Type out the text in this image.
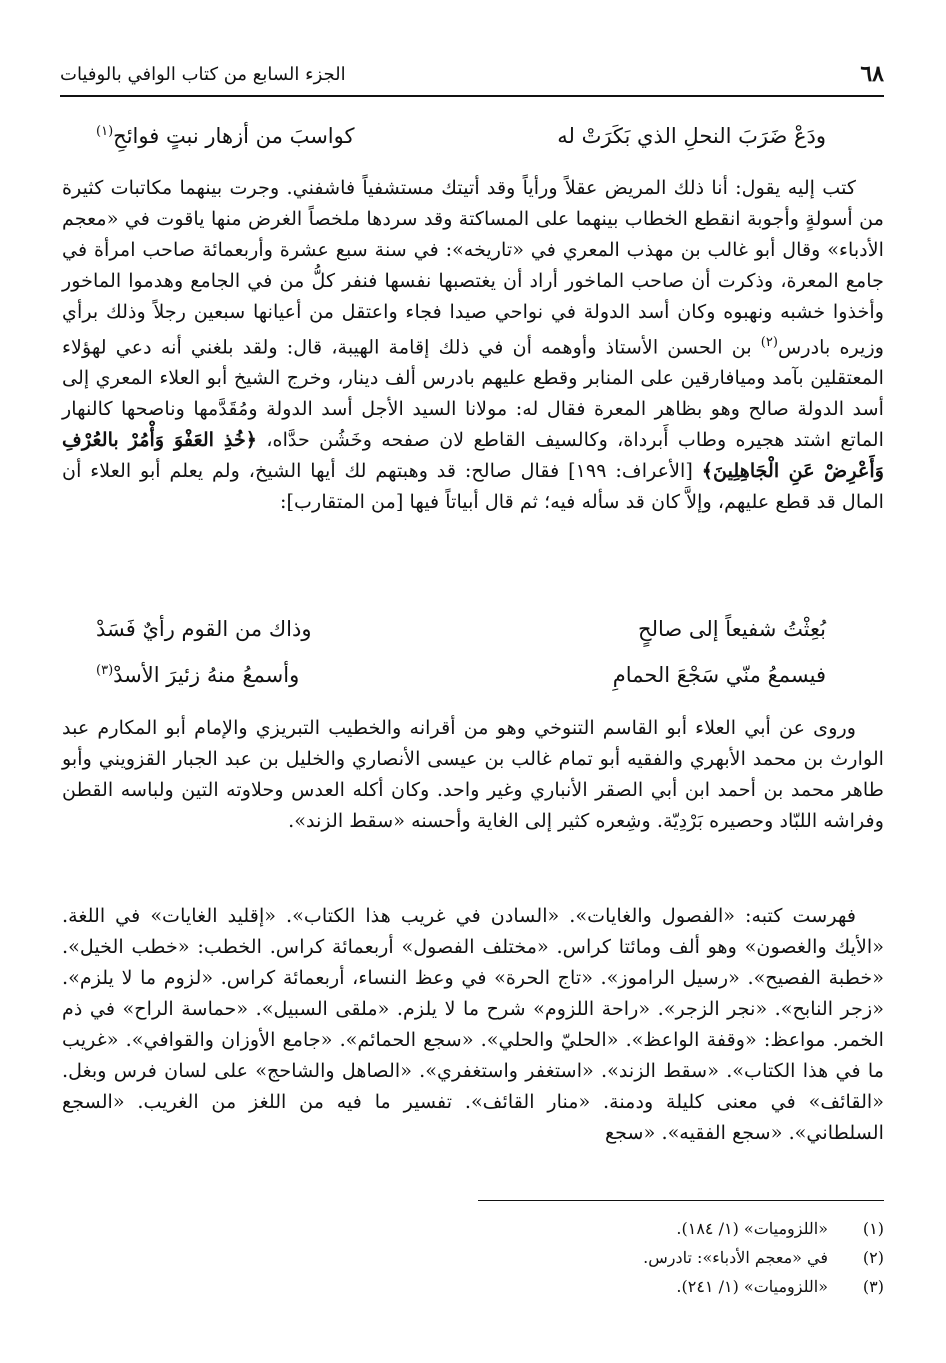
٦٨
الجزء السابع من كتاب الوافي بالوفيات
ودَعْ ضَرَبَ النحلِ الذي بَكَرَتْ له
كواسبَ من أزهار نبتٍ فوائحِ$^{(١)}$

كتب إليه يقول: أنا ذلك المريض عقلاً ورأياً وقد أتيتك مستشفياً فاشفني. وجرت بينهما مكاتبات كثيرة من أسولةٍ وأجوبة انقطع الخطاب بينهما على المساكتة وقد سردها ملخصاً الغرض منها ياقوت في «معجم الأدباء» وقال أبو غالب بن مهذب المعري في «تاريخه»: في سنة سبع عشرة وأربعمائة صاحب امرأة في جامع المعرة، وذكرت أن صاحب الماخور أراد أن يغتصبها نفسها فنفر كلُّ من في الجامع وهدموا الماخور وأخذوا خشبه ونهبوه وكان أسد الدولة في نواحي صيدا فجاء واعتقل من أعيانها سبعين رجلاً وذلك برأي وزيره بادرس$^{(٢)}$ بن الحسن الأستاذ وأوهمه أن في ذلك إقامة الهيبة، قال: ولقد بلغني أنه دعي لهؤلاء المعتقلين بآمد وميافارقين على المنابر وقطع عليهم بادرس ألف دينار، وخرج الشيخ أبو العلاء المعري إلى أسد الدولة صالح وهو بظاهر المعرة فقال له: مولانا السيد الأجل أسد الدولة ومُقَدَّمها وناصحها كالنهار الماتع اشتد هجيره وطاب أَبرداة، وكالسيف القاطع لان صفحه وخَشُن حدَّاه، ﴿خُذِ العَفْوَ وَأْمُرْ بالعُرْفِ وَأَعْرِضْ عَنِ الْجَاهِلِينَ﴾ [الأعراف: ١٩٩] فقال صالح: قد وهبتهم لك أيها الشيخ، ولم يعلم أبو العلاء أن المال قد قطع عليهم، وإلاَّ كان قد سأله فيه؛ ثم قال أبياتاً فيها [من المتقارب]:

بُعِثْتُ شفيعاً إلى صالحٍ
وذاك من القوم رأيٌ فَسَدْ
فيسمعُ منّي سَجْعَ الحمامِ
وأسمعُ منهُ زئيرَ الأسدْ$^{(٣)}$

وروى عن أبي العلاء أبو القاسم التنوخي وهو من أقرانه والخطيب التبريزي والإمام أبو المكارم عبد الوارث بن محمد الأبهري والفقيه أبو تمام غالب بن عيسى الأنصاري والخليل بن عبد الجبار القزويني وأبو طاهر محمد بن أحمد ابن أبي الصقر الأنباري وغير واحد. وكان أكله العدس وحلاوته التين ولباسه القطن وفراشه اللبّاد وحصيره بَرْدِيّة. وشِعره كثير إلى الغاية وأحسنه «سقط الزند».

فهرست كتبه: «الفصول والغايات». «السادن في غريب هذا الكتاب». «إقليد الغايات» في اللغة. «الأيك والغصون» وهو ألف ومائتا كراس. «مختلف الفصول» أربعمائة كراس. الخطب: «خطب الخيل». «خطبة الفصيح». «رسيل الراموز». «تاج الحرة» في وعظ النساء، أربعمائة كراس. «لزوم ما لا يلزم». «زجر النابح». «نجر الزجر». «راحة اللزوم» شرح ما لا يلزم. «ملقى السبيل». «حماسة الراح» في ذم الخمر. مواعظ: «وقفة الواعظ». «الحليّ والحلي». «سجع الحمائم». «جامع الأوزان والقوافي». «غريب ما في هذا الكتاب». «سقط الزند». «استغفر واستغفري». «الصاهل والشاحج» على لسان فرس وبغل. «القائف» في معنى كليلة ودمنة. «منار القائف». تفسير ما فيه من اللغز من الغريب. «السجع السلطاني». «سجع الفقيه». «سجع

(١)«اللزوميات» (١/ ١٨٤).
(٢)في «معجم الأدباء»: تادرس.
(٣)«اللزوميات» (١/ ٢٤١).
